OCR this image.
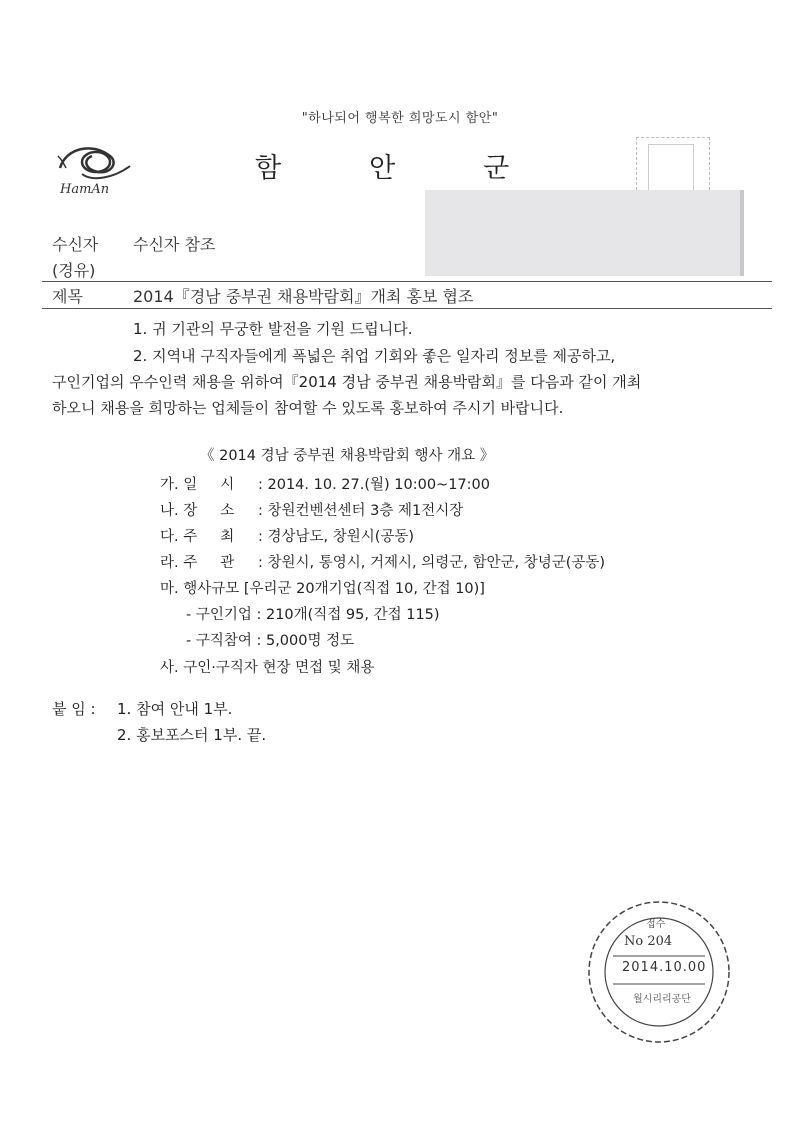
"하나되어 행복한 희망도시 함안"
HamAn
함안군
수신자 수신자 참조
(경유)
제목	2014『경남 중부권 채용박람회』개최 홍보 협조
1. 귀 기관의 무궁한 발전을 기원 드립니다.
2. 지역내 구직자들에게 폭넓은 취업 기회와 좋은 일자리 정보를 제공하고,
구인기업의 우수인력 채용을 위하여『2014 경남 중부권 채용박람회』를 다음과 같이 개최
하오니 채용을 희망하는 업체들이 참여할 수 있도록 홍보하여 주시기 바랍니다.
《 2014 경남 중부권 채용박람회 행사 개요 》
가. 일     시	: 2014. 10. 27.(월) 10:00~17:00
나. 장     소	: 창원컨벤션센터 3층 제1전시장
다. 주     최	: 경상남도, 창원시(공동)
라. 주     관	: 창원시, 통영시, 거제시, 의령군, 함안군, 창녕군(공동)
마. 행사규모 [우리군 20개기업(직접 10, 간접 10)]
- 구인기업 : 210개(직접 95, 간접 115)
- 구직참여 : 5,000명 정도
사. 구인·구직자 현장 면접 및 채용
붙 임 : 1. 참여 안내 1부.
2. 홍보포스터 1부. 끝.
접수
No 204
2014.10.00
월시리리공단
